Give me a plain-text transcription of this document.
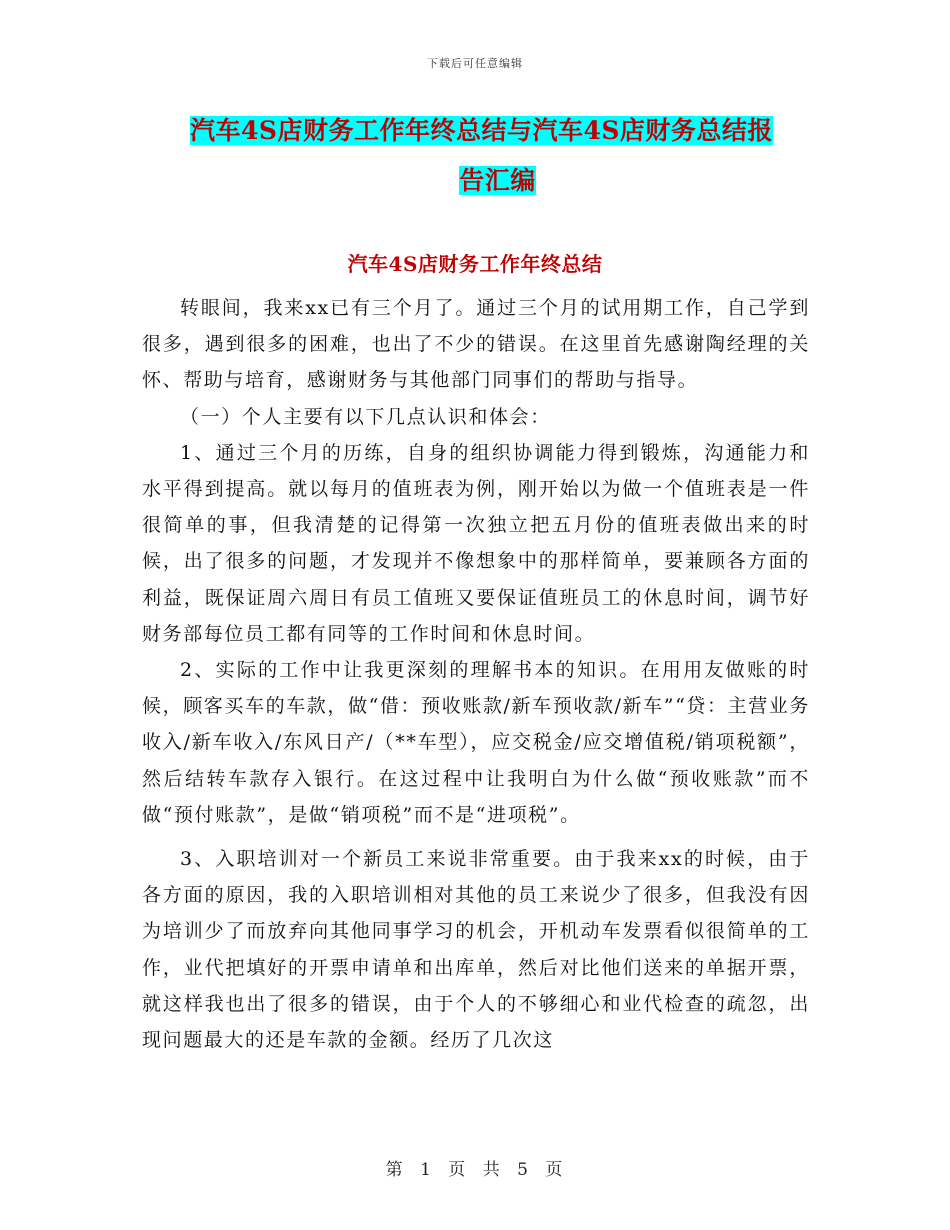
下载后可任意编辑
汽车4S店财务工作年终总结与汽车4S店财务总结报
告汇编
汽车4S店财务工作年终总结

转眼间，我来xx已有三个月了。通过三个月的试用期工作，自己学到很多，遇到很多的困难，也出了不少的错误。在这里首先感谢陶经理的关怀、帮助与培育，感谢财务与其他部门同事们的帮助与指导。

（一）个人主要有以下几点认识和体会：

1、通过三个月的历练，自身的组织协调能力得到锻炼，沟通能力和水平得到提高。就以每月的值班表为例，刚开始以为做一个值班表是一件很简单的事，但我清楚的记得第一次独立把五月份的值班表做出来的时候，出了很多的问题，才发现并不像想象中的那样简单，要兼顾各方面的利益，既保证周六周日有员工值班又要保证值班员工的休息时间，调节好财务部每位员工都有同等的工作时间和休息时间。

2、实际的工作中让我更深刻的理解书本的知识。在用用友做账的时候，顾客买车的车款，做“借：预收账款/新车预收款/新车”“贷：主营业务收入/新车收入/东风日产/（**车型），应交税金/应交增值税/销项税额”，然后结转车款存入银行。在这过程中让我明白为什么做“预收账款”而不做“预付账款”，是做“销项税”而不是“进项税”。

3、入职培训对一个新员工来说非常重要。由于我来xx的时候，由于各方面的原因，我的入职培训相对其他的员工来说少了很多，但我没有因为培训少了而放弃向其他同事学习的机会，开机动车发票看似很简单的工作，业代把填好的开票申请单和出库单，然后对比他们送来的单据开票，就这样我也出了很多的错误，由于个人的不够细心和业代检查的疏忽，出现问题最大的还是车款的金额。经历了几次这

第 1 页 共 5 页
